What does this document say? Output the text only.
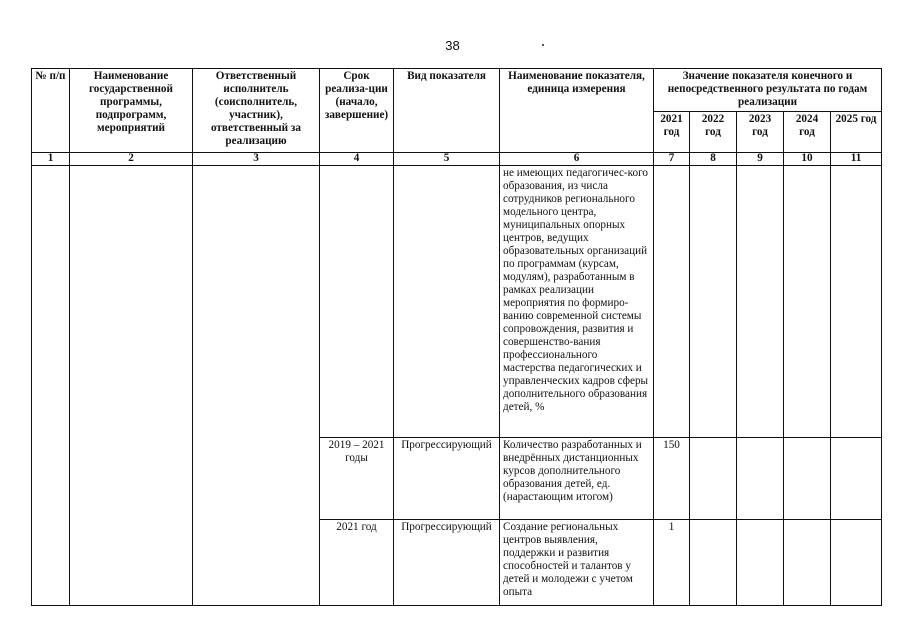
38
№ п/п	Наименование государственной программы, подпрограмм, мероприятий	Ответственный исполнитель (соисполнитель, участник), ответственный за реализацию	Срок реализа-ции (начало, завершение)	Вид показателя	Наименование показателя, единица измерения	Значение показателя конечного и непосредственного результата по годам реализации				
						2021 год	2022 год	2023 год	2024 год	2025 год
1	2	3	4	5	6	7	8	9	10	11
					не имеющих педагогичес-кого образования, из числа сотрудников регионального модельного центра, муниципальных опорных центров, ведущих образовательных организаций по программам (курсам, модулям), разработанным в рамках реализации мероприятия по формиро-ванию современной системы сопровождения, развития и совершенство-вания профессионального мастерства педагогических и управленческих кадров сферы дополнительного образования детей, %					
			2019 – 2021 годы	Прогрессирующий	Количество разработанных и внедрённых дистанционных курсов дополнительного образования детей, ед. (нарастающим итогом)	150				
			2021 год	Прогрессирующий	Создание региональных центров выявления, поддержки и развития способностей и талантов у детей и молодежи с учетом опыта	1				
